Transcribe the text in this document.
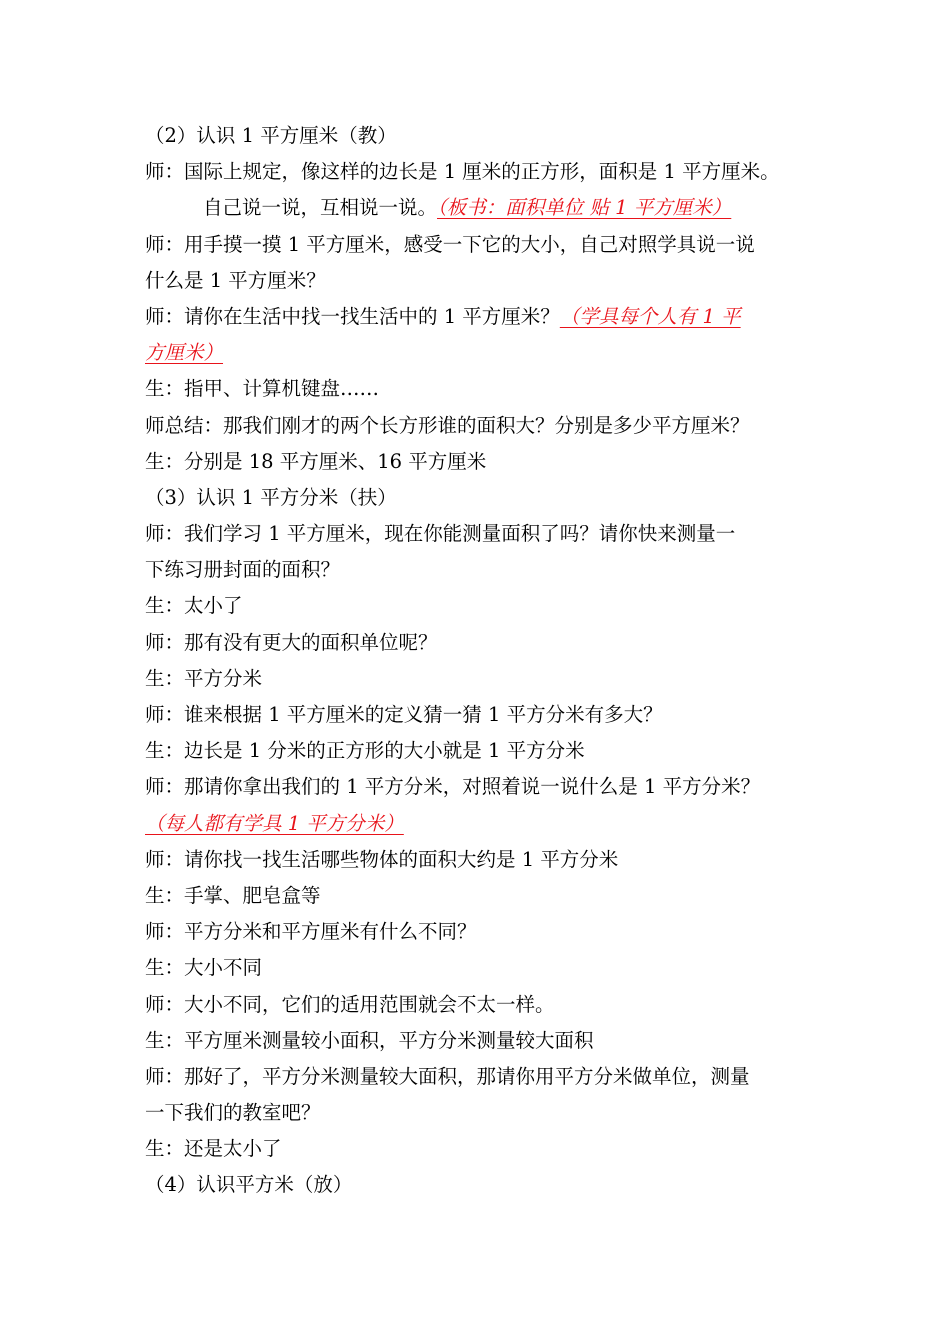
（2）认识 1 平方厘米（教）
师：国际上规定，像这样的边长是 1 厘米的正方形，面积是 1 平方厘米。
自己说一说，互相说一说。（板书：面积单位 贴 1 平方厘米）
师：用手摸一摸 1 平方厘米，感受一下它的大小，自己对照学具说一说
什么是 1 平方厘米？
师：请你在生活中找一找生活中的 1 平方厘米？（学具每个人有 1 平
方厘米）
生：指甲、计算机键盘……
师总结：那我们刚才的两个长方形谁的面积大？分别是多少平方厘米？
生：分别是 18 平方厘米、16 平方厘米
（3）认识 1 平方分米（扶）
师：我们学习 1 平方厘米，现在你能测量面积了吗？请你快来测量一
下练习册封面的面积？
生：太小了
师：那有没有更大的面积单位呢？
生：平方分米
师：谁来根据 1 平方厘米的定义猜一猜 1 平方分米有多大？
生：边长是 1 分米的正方形的大小就是 1 平方分米
师：那请你拿出我们的 1 平方分米，对照着说一说什么是 1 平方分米？
（每人都有学具 1 平方分米）
师：请你找一找生活哪些物体的面积大约是 1 平方分米
生：手掌、肥皂盒等
师：平方分米和平方厘米有什么不同？
生：大小不同
师：大小不同，它们的适用范围就会不太一样。
生：平方厘米测量较小面积，平方分米测量较大面积
师：那好了，平方分米测量较大面积，那请你用平方分米做单位，测量
一下我们的教室吧？
生：还是太小了
（4）认识平方米（放）
